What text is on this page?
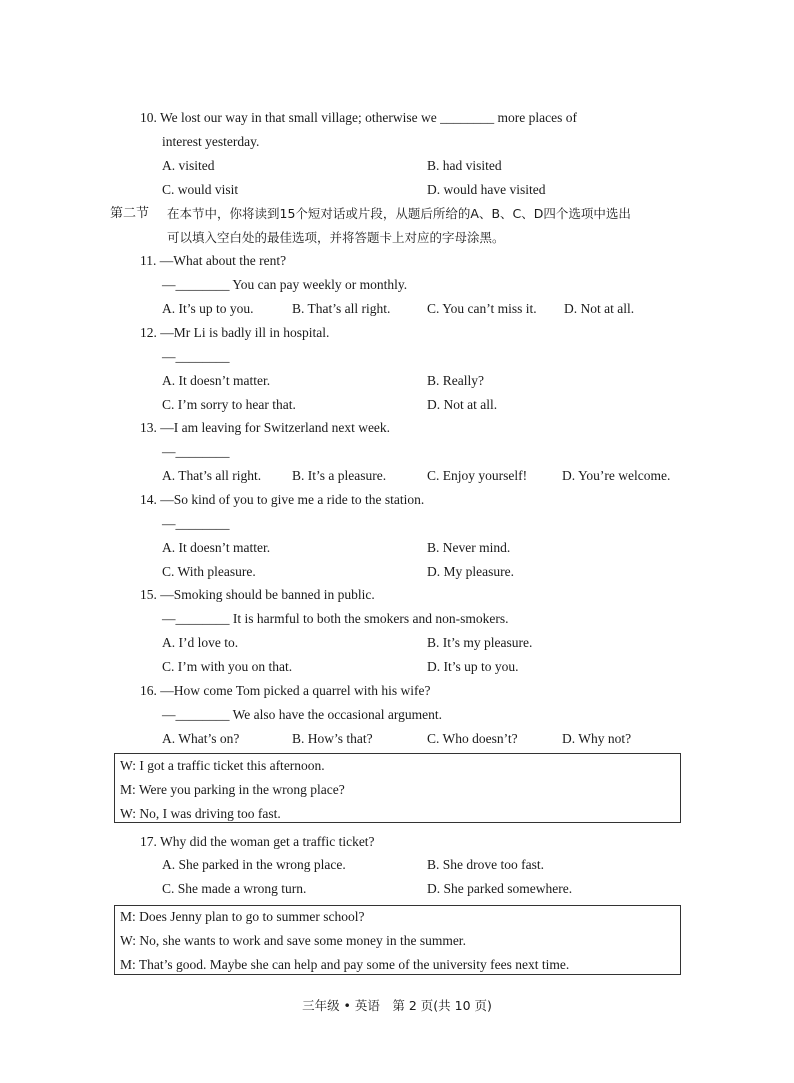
10. We lost our way in that small village; otherwise we ________ more places of
interest yesterday.
A. visited	B. had visited
C. would visit	D. would have visited
第二节 在本节中，你将读到15个短对话或片段，从题后所给的A、B、C、D四个选项中选出
可以填入空白处的最佳选项，并将答题卡上对应的字母涂黑。
11. —What about the rent?
—________ You can pay weekly or monthly.
A. It’s up to you.	B. That’s all right.	C. You can’t miss it. D. Not at all.
12. —Mr Li is badly ill in hospital.
—________
A. It doesn’t matter.	B. Really?
C. I’m sorry to hear that.	D. Not at all.
13. —I am leaving for Switzerland next week.
—________
A. That’s all right. B. It’s a pleasure.	C. Enjoy yourself!	D. You’re welcome.
14. —So kind of you to give me a ride to the station.
—________
A. It doesn’t matter.	B. Never mind.
C. With pleasure.	D. My pleasure.
15. —Smoking should be banned in public.
—________ It is harmful to both the smokers and non-smokers.
A. I’d love to.	B. It’s my pleasure.
C. I’m with you on that.	D. It’s up to you.
16. —How come Tom picked a quarrel with his wife?
—________ We also have the occasional argument.
A. What’s on?	B. How’s that?	C. Who doesn’t?	D. Why not?
W: I got a traffic ticket this afternoon.
M: Were you parking in the wrong place?
W: No, I was driving too fast.
17. Why did the woman get a traffic ticket?
A. She parked in the wrong place.	B. She drove too fast.
C. She made a wrong turn.	D. She parked somewhere.
M: Does Jenny plan to go to summer school?
W: No, she wants to work and save some money in the summer.
M: That’s good. Maybe she can help and pay some of the university fees next time.
三年级 • 英语　第 2 页(共 10 页)
